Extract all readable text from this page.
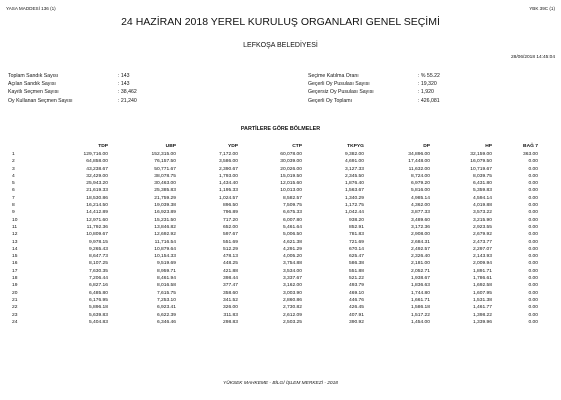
YASA MADDESİ 136 (1)	YBK 39C (1)
24 HAZİRAN 2018 YEREL KURULUŞ ORGANLARI GENEL SEÇİMİ
LEFKOŞA BELEDİYESİ
28/06/2018 14:45:04
Toplam Sandık Sayısı	: 143
Açılan Sandık Sayısı	: 143
Kayıtlı Seçmen Sayısı	: 38,462
Oy Kullanan Seçmen Sayısı	: 21,240
Seçime Katılma Oranı	: % 55.22
Geçerli Oy Pusulası Sayısı	: 19,320
Geçersiz Oy Pusulası Sayısı	: 1,920
Geçerli Oy Toplamı	: 426,081
PARTİLERE GÖRE BÖLMELER
	TDP	UBP	YDP	CTP	TKPYG	DP	HP	BAĞ 7
1	129,716.00	152,315.00	7,172.00	60,078.00	9,382.00	34,896.00	32,159.00	363.00
2	64,858.00	76,157.50	3,586.00	30,039.00	4,691.00	17,448.00	16,079.50	0.00
3	43,238.67	50,771.67	2,390.67	20,026.00	3,127.33	11,632.00	10,719.67	0.00
4	32,429.00	38,078.75	1,793.00	15,019.50	2,345.50	8,724.00	8,039.75	0.00
5	25,943.20	30,463.00	1,434.40	12,015.60	1,876.40	6,979.20	6,431.80	0.00
6	21,619.33	25,385.83	1,195.33	10,013.00	1,563.67	5,816.00	5,359.83	0.00
7	18,530.86	21,759.29	1,024.57	8,582.57	1,340.29	4,985.14	4,594.14	0.00
8	16,214.50	19,039.38	896.50	7,509.75	1,172.75	4,362.00	4,019.88	0.00
9	14,412.89	16,923.89	796.89	6,675.33	1,042.44	3,877.33	3,573.22	0.00
10	12,971.60	15,231.50	717.20	6,007.80	938.20	3,489.60	3,215.90	0.00
11	11,792.36	13,846.82	652.00	5,461.64	852.91	3,172.36	2,923.55	0.00
12	10,809.67	12,692.92	597.67	5,006.50	781.83	2,908.00	2,679.92	0.00
13	9,978.15	11,716.54	551.69	4,621.38	721.69	2,684.31	2,473.77	0.00
14	9,265.43	10,879.64	512.29	4,291.29	670.14	2,492.57	2,297.07	0.00
15	8,647.73	10,154.33	478.13	4,005.20	625.47	2,326.40	2,143.93	0.00
16	8,107.25	9,519.69	448.25	3,754.88	586.38	2,181.00	2,009.94	0.00
17	7,630.35	8,959.71	421.88	3,534.00	551.88	2,052.71	1,891.71	0.00
18	7,206.44	8,461.94	398.44	3,337.67	521.22	1,938.67	1,786.61	0.00
19	6,827.16	8,016.58	377.47	3,162.00	493.79	1,836.63	1,692.58	0.00
20	6,485.80	7,615.75	358.60	3,003.90	469.10	1,744.80	1,607.95	0.00
21	6,176.95	7,253.10	341.52	2,860.86	446.76	1,661.71	1,531.38	0.00
22	5,896.18	6,923.41	326.00	2,730.82	426.45	1,586.18	1,461.77	0.00
23	5,639.83	6,622.39	311.83	2,612.09	407.91	1,517.22	1,398.22	0.00
24	5,404.83	6,346.46	298.83	2,503.25	390.92	1,454.00	1,339.96	0.00
YÜKSEK MAHKEME - BİLGİ İŞLEM MERKEZİ - 2018
